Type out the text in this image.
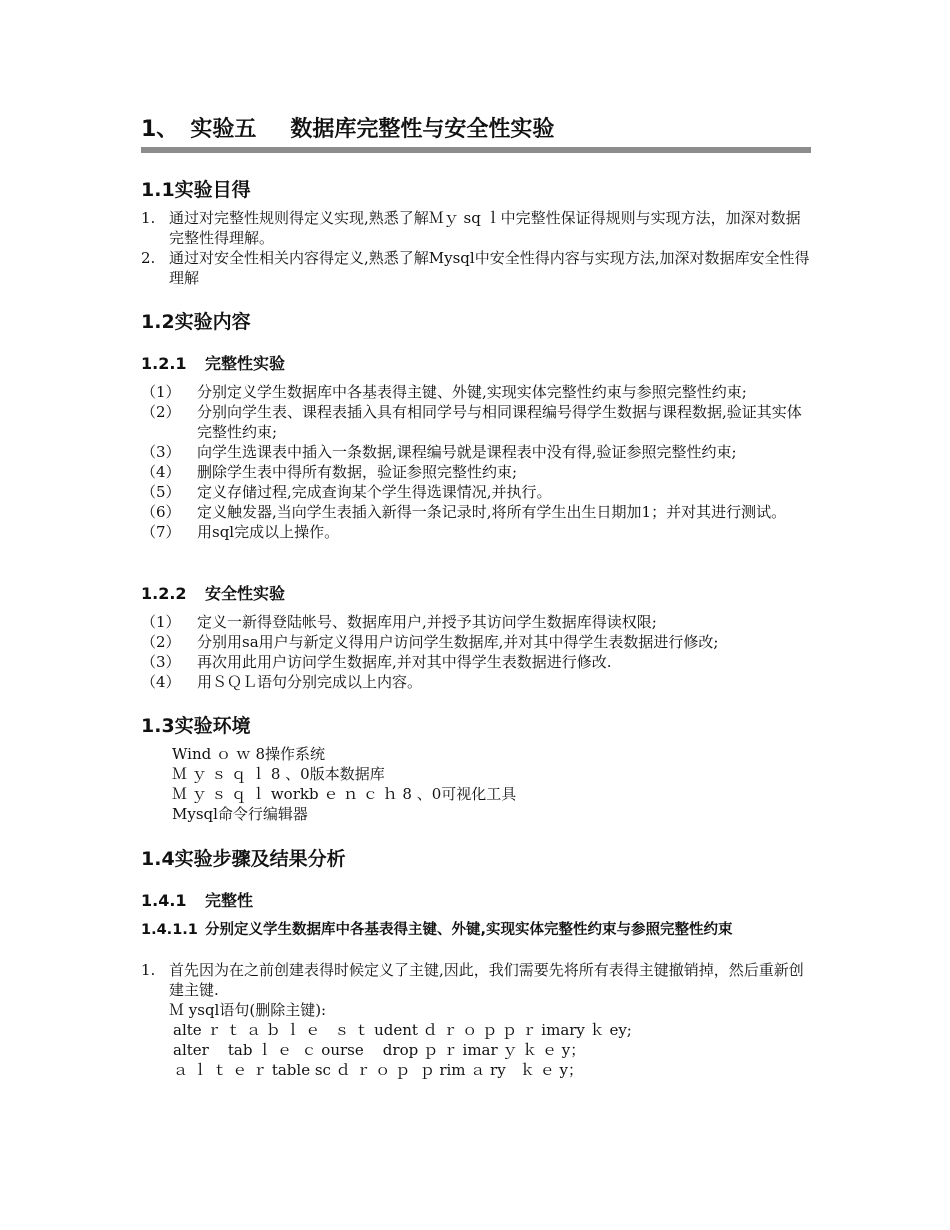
1、 实验五 数据库完整性与安全性实验
1.1实验目得
1. 通过对完整性规则得定义实现,熟悉了解Ｍｙ sq ｌ中完整性保证得规则与实现方法，加深对数据完整性得理解。
2. 通过对安全性相关内容得定义,熟悉了解Mysql中安全性得内容与实现方法,加深对数据库安全性得理解
1.2实验内容
1.2.1 完整性实验
（1） 分别定义学生数据库中各基表得主键、外键,实现实体完整性约束与参照完整性约束;
（2） 分别向学生表、课程表插入具有相同学号与相同课程编号得学生数据与课程数据,验证其实体完整性约束;
（3） 向学生选课表中插入一条数据,课程编号就是课程表中没有得,验证参照完整性约束;
（4） 删除学生表中得所有数据，验证参照完整性约束;
（5） 定义存储过程,完成查询某个学生得选课情况,并执行。
（6） 定义触发器,当向学生表插入新得一条记录时,将所有学生出生日期加1；并对其进行测试。
（7） 用sql完成以上操作。
1.2.2 安全性实验
（1） 定义一新得登陆帐号、数据库用户,并授予其访问学生数据库得读权限;
（2） 分别用sa用户与新定义得用户访问学生数据库,并对其中得学生表数据进行修改;
（3） 再次用此用户访问学生数据库,并对其中得学生表数据进行修改.
（4） 用ＳＱＬ语句分别完成以上内容。
1.3实验环境
Wind ｏ ｗ 8操作系统
Ｍ ｙ ｓ ｑ ｌ 8 、0版本数据库
Ｍ ｙ ｓ ｑ ｌ workb ｅ ｎ ｃ ｈ 8 、0可视化工具
Mysql命令行编辑器
1.4实验步骤及结果分析
1.4.1 完整性
1.4.1.1 分别定义学生数据库中各基表得主键、外键,实现实体完整性约束与参照完整性约束
1. 首先因为在之前创建表得时候定义了主键,因此，我们需要先将所有表得主键撤销掉，然后重新创建主键.
Ｍ ysql语句(删除主键):
alte ｒ ｔ ａ ｂ ｌ ｅ   ｓ ｔ udent ｄ ｒ ｏ ｐ ｐ ｒ imary ｋ ey;
alter    tab ｌ ｅ  ｃ ourse    drop ｐ ｒ imar ｙ ｋ ｅ y；
ａ ｌ ｔ ｅ ｒ table sc ｄ ｒ ｏ ｐ  ｐ rim ａ ry   ｋ ｅ y；
